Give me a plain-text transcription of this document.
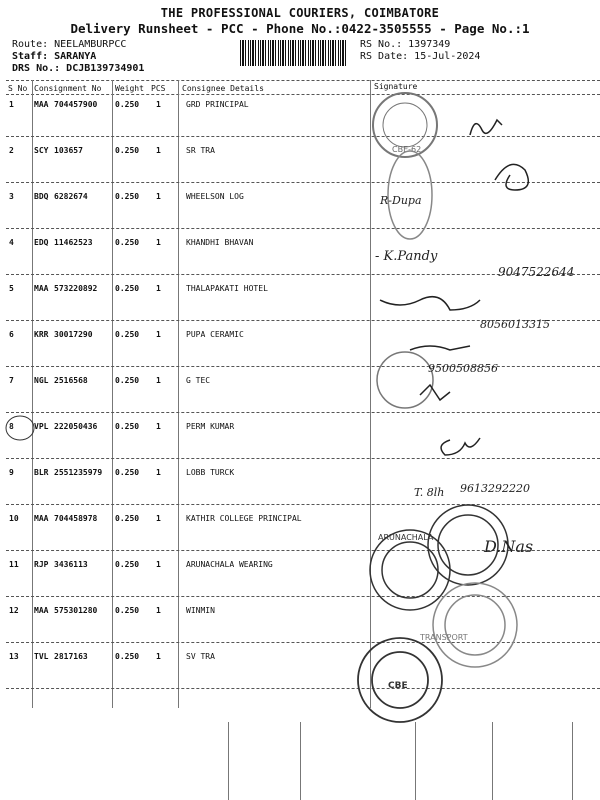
THE PROFESSIONAL COURIERS, COIMBATORE
Delivery Runsheet - PCC - Phone No.:0422-3505555 - Page No.:1
Route: NEELAMBURPCC
Staff: SARANYA
DRS No.: DCJB139734901
RS No.: 1397349
RS Date: 15-Jul-2024
S No Consignment No Weight PCS Consignee Details	Signature
1	MAA 704457900 0.250 1	GRD PRINCIPAL
2	SCY 103657	0.250 1	SR TRA
3	BDQ 6282674	0.250 1	WHEELSON LOG
4	EDQ 11462523	0.250 1	KHANDHI BHAVAN
5	MAA 573220892 0.250 1	THALAPAKATI HOTEL
6	KRR 30017290	0.250 1	PUPA CERAMIC
7	NGL 2516568	0.250 1	G TEC
8	VPL 222050436 0.250 1	PERM KUMAR
9	BLR 2551235979 0.250 1	LOBB TURCK
10 MAA 704458978 0.250 1	KATHIR COLLEGE PRINCIPAL
11 RJP 3436113	0.250 1	ARUNACHALA WEARING
12 MAA 575301280 0.250 1	WINMIN
13 TVL 2817163	0.250 1	SV TRA
CBE-62
ARUNACHALA
CBE
TRANSPORT
R-Dupa
- K.Pandy
9047522644
8056013315
9500508856
T. 8lh 9613292220
D.Nas
